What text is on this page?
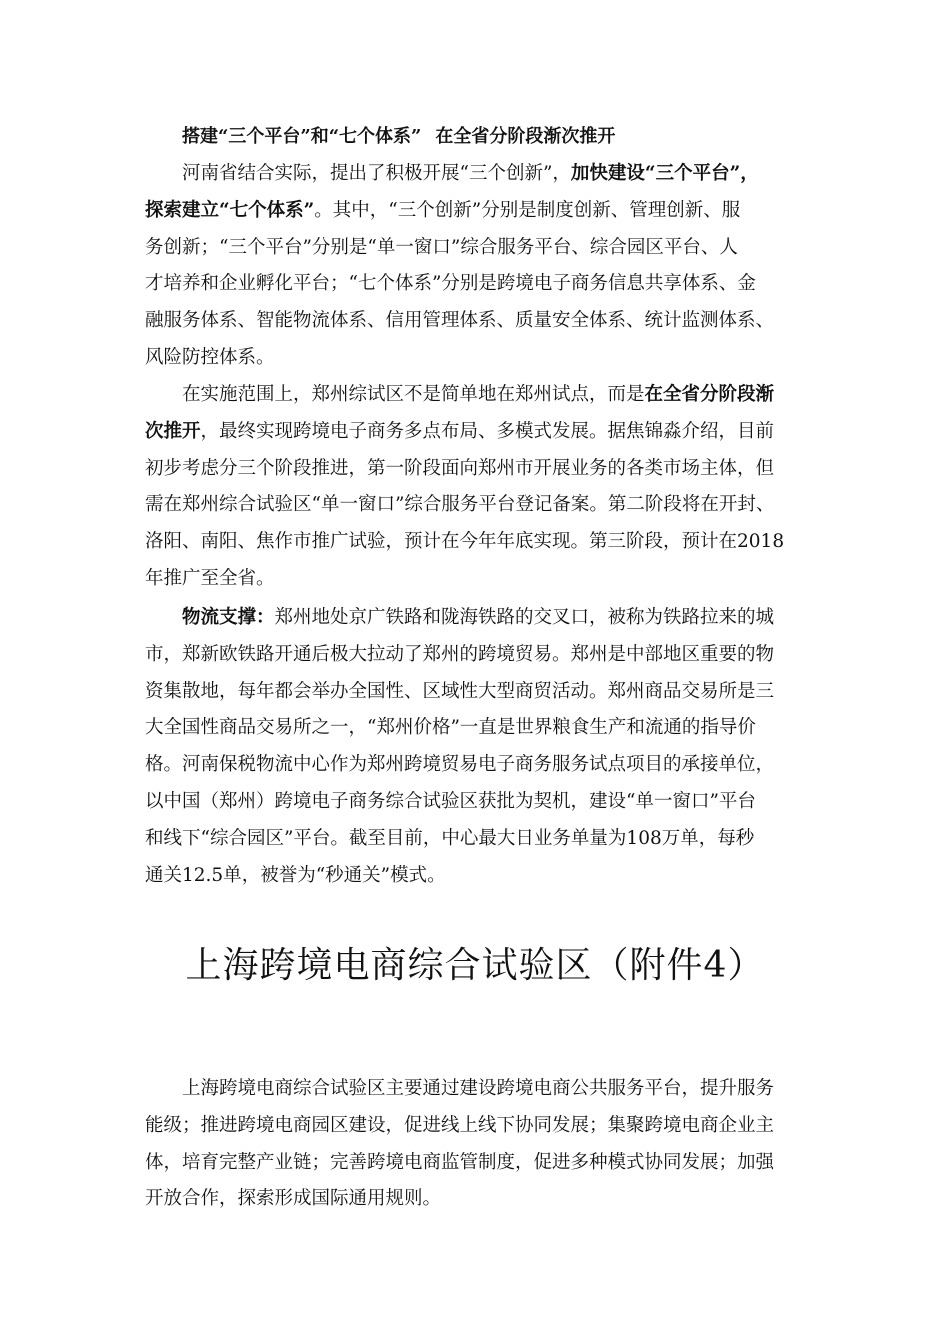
搭建“三个平台”和“七个体系” 在全省分阶段渐次推开
河南省结合实际，提出了积极开展“三个创新”，加快建设“三个平台”，
探索建立“七个体系”。其中，“三个创新”分别是制度创新、管理创新、服
务创新；“三个平台”分别是“单一窗口”综合服务平台、综合园区平台、人
才培养和企业孵化平台；“七个体系”分别是跨境电子商务信息共享体系、金
融服务体系、智能物流体系、信用管理体系、质量安全体系、统计监测体系、
风险防控体系。
在实施范围上，郑州综试区不是简单地在郑州试点，而是在全省分阶段渐
次推开，最终实现跨境电子商务多点布局、多模式发展。据焦锦淼介绍，目前
初步考虑分三个阶段推进，第一阶段面向郑州市开展业务的各类市场主体，但
需在郑州综合试验区“单一窗口”综合服务平台登记备案。第二阶段将在开封、
洛阳、南阳、焦作市推广试验，预计在今年年底实现。第三阶段，预计在2018
年推广至全省。
物流支撑：郑州地处京广铁路和陇海铁路的交叉口，被称为铁路拉来的城
市，郑新欧铁路开通后极大拉动了郑州的跨境贸易。郑州是中部地区重要的物
资集散地，每年都会举办全国性、区域性大型商贸活动。郑州商品交易所是三
大全国性商品交易所之一，“郑州价格”一直是世界粮食生产和流通的指导价
格。河南保税物流中心作为郑州跨境贸易电子商务服务试点项目的承接单位，
以中国（郑州）跨境电子商务综合试验区获批为契机，建设“单一窗口”平台
和线下“综合园区”平台。截至目前，中心最大日业务单量为108万单，每秒
通关12.5单，被誉为“秒通关”模式。
上海跨境电商综合试验区（附件4）
上海跨境电商综合试验区主要通过建设跨境电商公共服务平台，提升服务
能级；推进跨境电商园区建设，促进线上线下协同发展；集聚跨境电商企业主
体，培育完整产业链；完善跨境电商监管制度，促进多种模式协同发展；加强
开放合作，探索形成国际通用规则。
